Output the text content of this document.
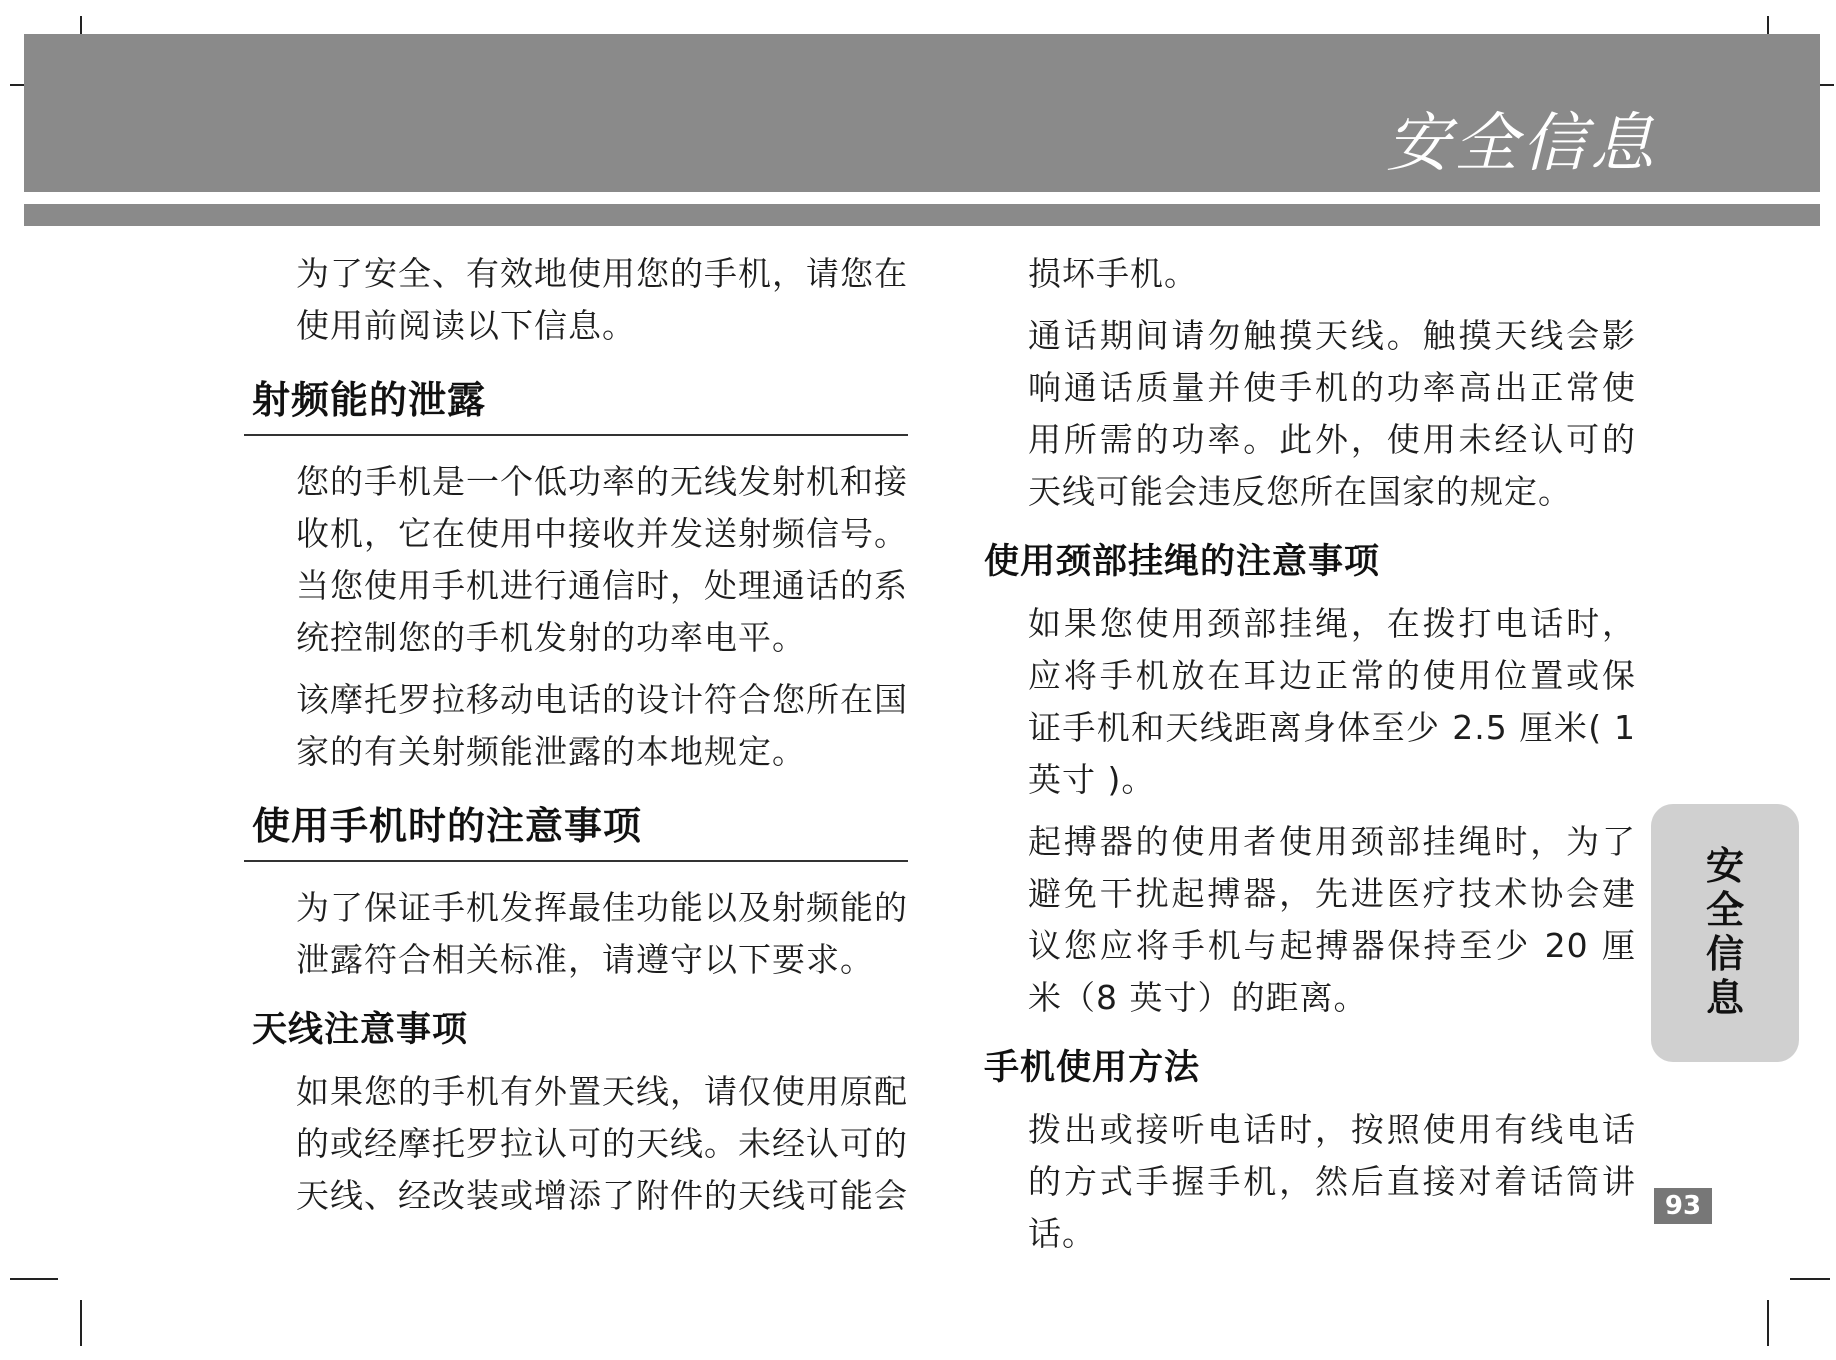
安全信息

为了安全、有效地使用您的手机，请您在使用前阅读以下信息。

射频能的泄露

您的手机是一个低功率的无线发射机和接收机，它在使用中接收并发送射频信号。当您使用手机进行通信时，处理通话的系统控制您的手机发射的功率电平。

该摩托罗拉移动电话的设计符合您所在国家的有关射频能泄露的本地规定。

使用手机时的注意事项

为了保证手机发挥最佳功能以及射频能的泄露符合相关标准，请遵守以下要求。

天线注意事项

如果您的手机有外置天线，请仅使用原配的或经摩托罗拉认可的天线。未经认可的天线、经改装或增添了附件的天线可能会

损坏手机。

通话期间请勿触摸天线。触摸天线会影响通话质量并使手机的功率高出正常使用所需的功率。此外，使用未经认可的天线可能会违反您所在国家的规定。

使用颈部挂绳的注意事项

如果您使用颈部挂绳，在拨打电话时，应将手机放在耳边正常的使用位置或保证手机和天线距离身体至少 2.5 厘米( 1 英寸 )。

起搏器的使用者使用颈部挂绳时，为了避免干扰起搏器，先进医疗技术协会建议您应将手机与起搏器保持至少 20 厘米（8 英寸）的距离。

手机使用方法

拨出或接听电话时，按照使用有线电话的方式手握手机，然后直接对着话筒讲话。

安全信息
93
